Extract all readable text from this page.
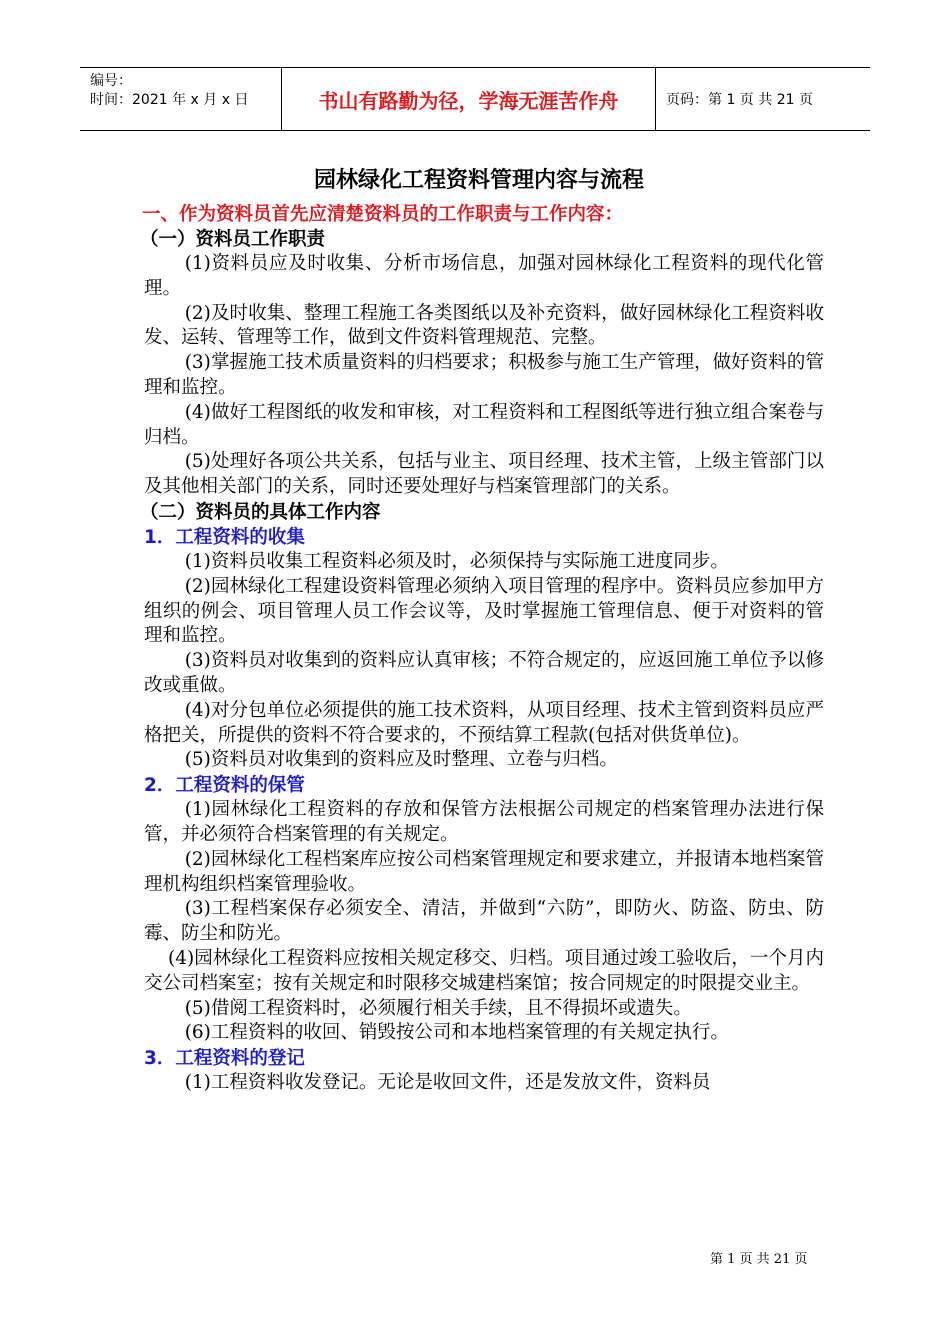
编号：
时间：2021 年 x 月 x 日	书山有路勤为径，学海无涯苦作舟	页码：第 1 页 共 21 页
园林绿化工程资料管理内容与流程
一、作为资料员首先应清楚资料员的工作职责与工作内容：
（一）资料员工作职责
(1)资料员应及时收集、分析市场信息，加强对园林绿化工程资料的现代化管理。
(2)及时收集、整理工程施工各类图纸以及补充资料，做好园林绿化工程资料收发、运转、管理等工作，做到文件资料管理规范、完整。
(3)掌握施工技术质量资料的归档要求；积极参与施工生产管理，做好资料的管理和监控。
(4)做好工程图纸的收发和审核，对工程资料和工程图纸等进行独立组合案卷与归档。
(5)处理好各项公共关系，包括与业主、项目经理、技术主管，上级主管部门以及其他相关部门的关系，同时还要处理好与档案管理部门的关系。
（二）资料员的具体工作内容
1．工程资料的收集
(1)资料员收集工程资料必须及时，必须保持与实际施工进度同步。
(2)园林绿化工程建设资料管理必须纳入项目管理的程序中。资料员应参加甲方组织的例会、项目管理人员工作会议等，及时掌握施工管理信息、便于对资料的管理和监控。
(3)资料员对收集到的资料应认真审核；不符合规定的，应返回施工单位予以修改或重做。
(4)对分包单位必须提供的施工技术资料，从项目经理、技术主管到资料员应严格把关，所提供的资料不符合要求的，不预结算工程款(包括对供货单位)。
(5)资料员对收集到的资料应及时整理、立卷与归档。
2．工程资料的保管
(1)园林绿化工程资料的存放和保管方法根据公司规定的档案管理办法进行保管，并必须符合档案管理的有关规定。
(2)园林绿化工程档案库应按公司档案管理规定和要求建立，并报请本地档案管理机构组织档案管理验收。
(3)工程档案保存必须安全、清洁，并做到“六防”，即防火、防盗、防虫、防霉、防尘和防光。
(4)园林绿化工程资料应按相关规定移交、归档。项目通过竣工验收后，一个月内交公司档案室；按有关规定和时限移交城建档案馆；按合同规定的时限提交业主。
(5)借阅工程资料时，必须履行相关手续，且不得损坏或遗失。
(6)工程资料的收回、销毁按公司和本地档案管理的有关规定执行。
3．工程资料的登记
(1)工程资料收发登记。无论是收回文件，还是发放文件，资料员
第 1 页 共 21 页
